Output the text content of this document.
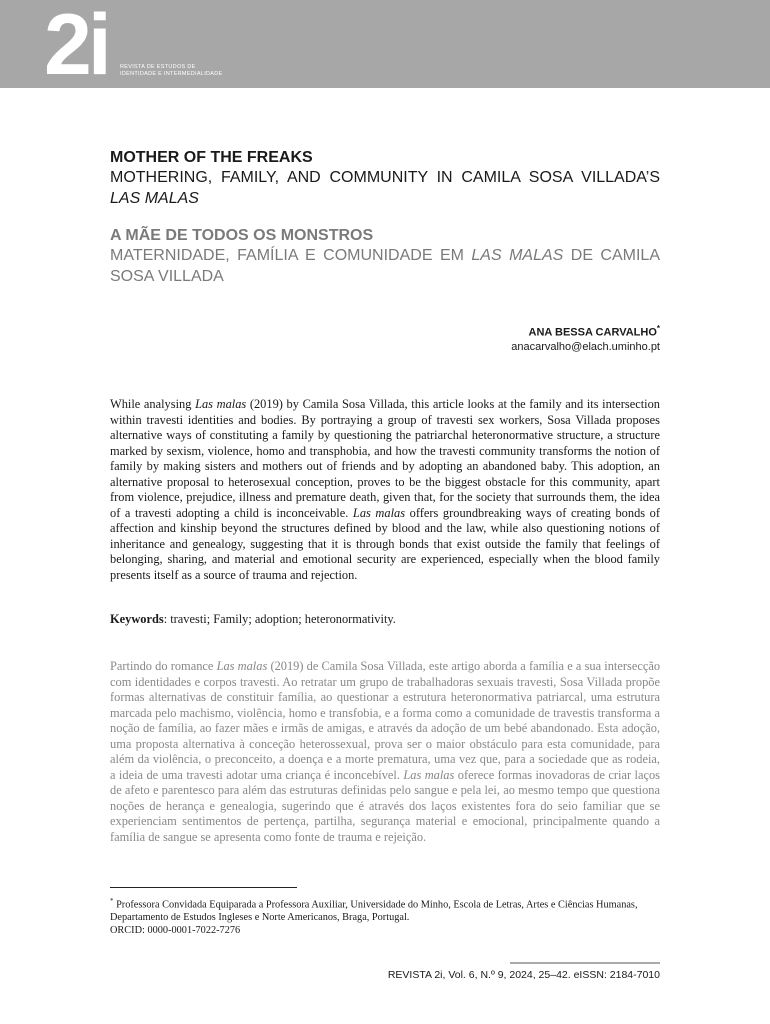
2i REVISTA DE ESTUDOS DE
IDENTIDADE E INTERMEDIALIDADE
MOTHER OF THE FREAKS
MOTHERING, FAMILY, AND COMMUNITY IN CAMILA SOSA VILLADA’S LAS MALAS
A MÃE DE TODOS OS MONSTROS
MATERNIDADE, FAMÍLIA E COMUNIDADE EM LAS MALAS DE CAMILA SOSA VILLADA
ANA BESSA CARVALHO*
anacarvalho@elach.uminho.pt
While analysing Las malas (2019) by Camila Sosa Villada, this article looks at the family and its intersection within travesti identities and bodies. By portraying a group of travesti sex workers, Sosa Villada proposes alternative ways of constituting a family by questioning the patriarchal heteronormative structure, a structure marked by sexism, violence, homo and transphobia, and how the travesti community transforms the notion of family by making sisters and mothers out of friends and by adopting an abandoned baby. This adoption, an alternative proposal to heterosexual conception, proves to be the biggest obstacle for this community, apart from violence, prejudice, illness and premature death, given that, for the society that surrounds them, the idea of a travesti adopting a child is inconceivable. Las malas offers groundbreaking ways of creating bonds of affection and kinship beyond the structures defined by blood and the law, while also questioning notions of inheritance and genealogy, suggesting that it is through bonds that exist outside the family that feelings of belonging, sharing, and material and emotional security are experienced, especially when the blood family presents itself as a source of trauma and rejection.
Keywords: travesti; Family; adoption; heteronormativity.
Partindo do romance Las malas (2019) de Camila Sosa Villada, este artigo aborda a família e a sua intersecção com identidades e corpos travesti. Ao retratar um grupo de trabalhadoras sexuais travesti, Sosa Villada propõe formas alternativas de constituir família, ao questionar a estrutura heteronormativa patriarcal, uma estrutura marcada pelo machismo, violência, homo e transfobia, e a forma como a comunidade de travestis transforma a noção de família, ao fazer mães e irmãs de amigas, e através da adoção de um bebé abandonado. Esta adoção, uma proposta alternativa à conceção heterossexual, prova ser o maior obstáculo para esta comunidade, para além da violência, o preconceito, a doença e a morte prematura, uma vez que, para a sociedade que as rodeia, a ideia de uma travesti adotar uma criança é inconcebível. Las malas oferece formas inovadoras de criar laços de afeto e parentesco para além das estruturas definidas pelo sangue e pela lei, ao mesmo tempo que questiona noções de herança e genealogia, sugerindo que é através dos laços existentes fora do seio familiar que se experienciam sentimentos de pertença, partilha, segurança material e emocional, principalmente quando a família de sangue se apresenta como fonte de trauma e rejeição.
* Professora Convidada Equiparada a Professora Auxiliar, Universidade do Minho, Escola de Letras, Artes e Ciências Humanas, Departamento de Estudos Ingleses e Norte Americanos, Braga, Portugal.
ORCID: 0000-0001-7022-7276
REVISTA 2i, Vol. 6, N.º 9, 2024, 25–42. eISSN: 2184-7010
